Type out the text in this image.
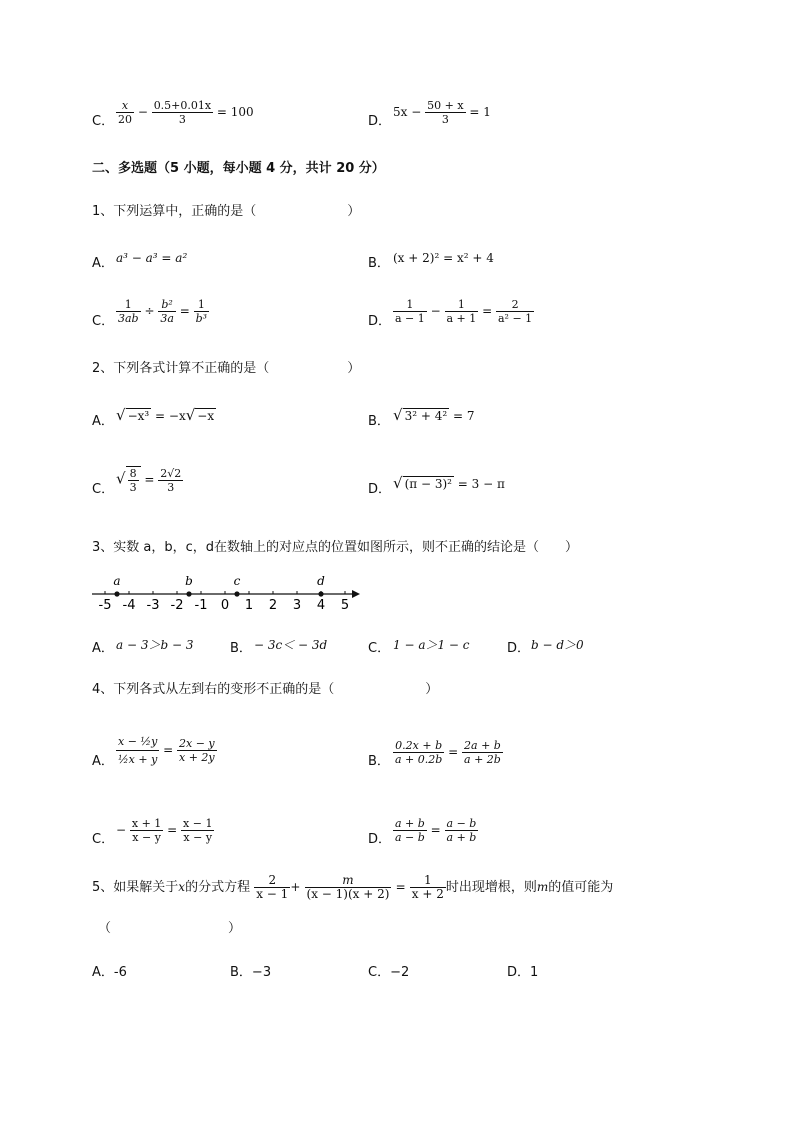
C． $\frac{x}{20} - \frac{0.5+0.01x}{3} = 100$
D．
$5x - \frac{50 + x}{3} = 1$
二、多选题（5 小题，每小题 4 分，共计 20 分）
1、下列运算中，正确的是（　　　　　　　）
A． a³ − a³ = a²	B． (x + 2)² = x² + 4
C． $\frac{1}{3ab} \div \frac{\text{b²}}{3a} = \frac{1}{\text{b³}}$	D． $\frac{1}{a - 1} - \frac{1}{a + 1} = \frac{2}{\text{a² − 1}}$
2、下列各式计算不正确的是（　　　　　　）
A． √ −x³ = −x√ −x	B． √ 3² + 4² = 7
C．
√ $\frac{8}{3} = \frac{2√2}{3}$	D． √ (π − 3)² = 3 − π
3、实数 a，b，c，d在数轴上的对应点的位置如图所示，则不正确的结论是（　　）
-5 -4 -3 -2 -1 0 1 2 3 4 5
a	b	c	d
A． a − 3＞b − 3	B． − 3c＜ − 3d	C． 1 − a＞1 − c	D． b − d＞0
4、下列各式从左到右的变形不正确的是（　　　　　　　）
A． $\frac{\text{x − ½y}}{\text{½x + y}} = \frac{2x - y}{x + 2y}$	B． $\frac{0.2x + b}{a + 0.2b} = \frac{2a + b}{a + 2b}$
C．
− $\frac{x + 1}{x - y} = \frac{x - 1}{x - y}$	D． $\frac{a + b}{a - b} = \frac{a - b}{a + b}$
5、如果解关于x的分式方程 $\frac{2}{x - 1} + \frac{m}{(x - 1)(x + 2)} = \frac{1}{x + 2}$ 时出现增根，则m的值可能为
（　　　　　　　　　）
A．-6	B．−3	C．−2	D．1
